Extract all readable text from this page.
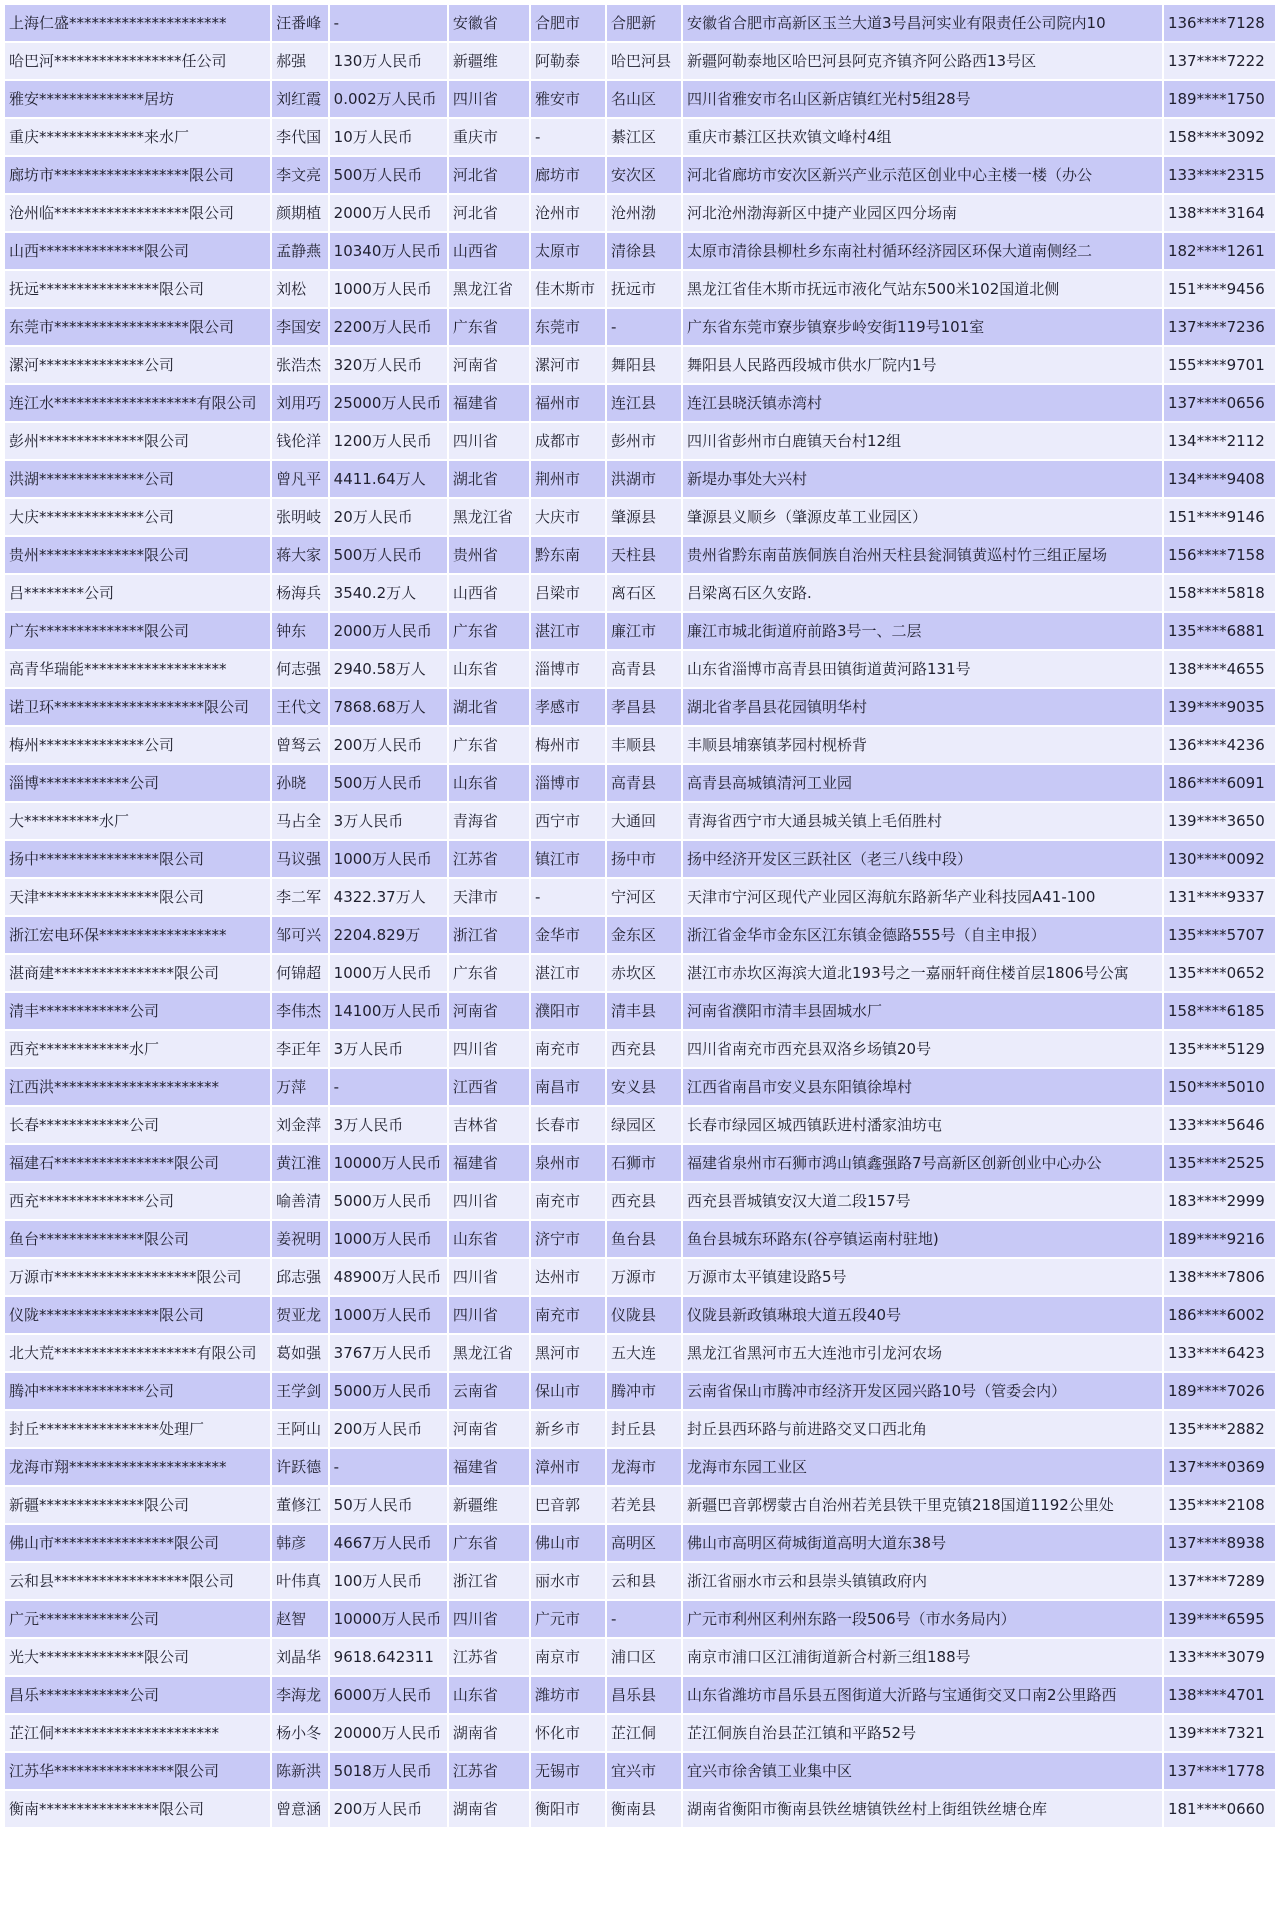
上海仁盛*********************	汪番峰	-	安徽省	合肥市	合肥新	安徽省合肥市高新区玉兰大道3号昌河实业有限责任公司院内10	136****7128
哈巴河*****************任公司	郝强	130万人民币	新疆维	阿勒泰	哈巴河县	新疆阿勒泰地区哈巴河县阿克齐镇齐阿公路西13号区	137****7222
雅安**************居坊	刘红霞	0.002万人民币	四川省	雅安市	名山区	四川省雅安市名山区新店镇红光村5组28号	189****1750
重庆**************来水厂	李代国	10万人民币	重庆市	-	綦江区	重庆市綦江区扶欢镇文峰村4组	158****3092
廊坊市******************限公司	李文亮	500万人民币	河北省	廊坊市	安次区	河北省廊坊市安次区新兴产业示范区创业中心主楼一楼（办公	133****2315
沧州临******************限公司	颜期植	2000万人民币	河北省	沧州市	沧州渤	河北沧州渤海新区中捷产业园区四分场南	138****3164
山西**************限公司	孟静燕	10340万人民币	山西省	太原市	清徐县	太原市清徐县柳杜乡东南社村循环经济园区环保大道南侧经二	182****1261
抚远****************限公司	刘松	1000万人民币	黑龙江省	佳木斯市	抚远市	黑龙江省佳木斯市抚远市液化气站东500米102国道北侧	151****9456
东莞市******************限公司	李国安	2200万人民币	广东省	东莞市	-	广东省东莞市寮步镇寮步岭安街119号101室	137****7236
漯河**************公司	张浩杰	320万人民币	河南省	漯河市	舞阳县	舞阳县人民路西段城市供水厂院内1号	155****9701
连江水*******************有限公司	刘用巧	25000万人民币	福建省	福州市	连江县	连江县晓沃镇赤湾村	137****0656
彭州**************限公司	钱伦洋	1200万人民币	四川省	成都市	彭州市	四川省彭州市白鹿镇天台村12组	134****2112
洪湖**************公司	曾凡平	4411.64万人	湖北省	荆州市	洪湖市	新堤办事处大兴村	134****9408
大庆**************公司	张明岐	20万人民币	黑龙江省	大庆市	肇源县	肇源县义顺乡（肇源皮革工业园区）	151****9146
贵州**************限公司	蒋大家	500万人民币	贵州省	黔东南	天柱县	贵州省黔东南苗族侗族自治州天柱县瓮洞镇黄巡村竹三组正屋场	156****7158
吕********公司	杨海兵	3540.2万人	山西省	吕梁市	离石区	吕梁离石区久安路.	158****5818
广东**************限公司	钟东	2000万人民币	广东省	湛江市	廉江市	廉江市城北街道府前路3号一、二层	135****6881
高青华瑞能*******************	何志强	2940.58万人	山东省	淄博市	高青县	山东省淄博市高青县田镇街道黄河路131号	138****4655
诺卫环********************限公司	王代文	7868.68万人	湖北省	孝感市	孝昌县	湖北省孝昌县花园镇明华村	139****9035
梅州**************公司	曾驽云	200万人民币	广东省	梅州市	丰顺县	丰顺县埔寨镇茅园村枧桥背	136****4236
淄博************公司	孙晓	500万人民币	山东省	淄博市	高青县	高青县高城镇清河工业园	186****6091
大**********水厂	马占全	3万人民币	青海省	西宁市	大通回	青海省西宁市大通县城关镇上毛佰胜村	139****3650
扬中****************限公司	马议强	1000万人民币	江苏省	镇江市	扬中市	扬中经济开发区三跃社区（老三八线中段）	130****0092
天津****************限公司	李二军	4322.37万人	天津市	-	宁河区	天津市宁河区现代产业园区海航东路新华产业科技园A41-100	131****9337
浙江宏电环保*****************	邹可兴	2204.829万	浙江省	金华市	金东区	浙江省金华市金东区江东镇金德路555号（自主申报）	135****5707
湛商建****************限公司	何锦超	1000万人民币	广东省	湛江市	赤坎区	湛江市赤坎区海滨大道北193号之一嘉丽轩商住楼首层1806号公寓	135****0652
清丰************公司	李伟杰	14100万人民币	河南省	濮阳市	清丰县	河南省濮阳市清丰县固城水厂	158****6185
西充************水厂	李正年	3万人民币	四川省	南充市	西充县	四川省南充市西充县双洛乡场镇20号	135****5129
江西洪**********************	万萍	-	江西省	南昌市	安义县	江西省南昌市安义县东阳镇徐埠村	150****5010
长春************公司	刘金萍	3万人民币	吉林省	长春市	绿园区	长春市绿园区城西镇跃进村潘家油坊屯	133****5646
福建石****************限公司	黄江淮	10000万人民币	福建省	泉州市	石狮市	福建省泉州市石狮市鸿山镇鑫强路7号高新区创新创业中心办公	135****2525
西充**************公司	喻善清	5000万人民币	四川省	南充市	西充县	西充县晋城镇安汉大道二段157号	183****2999
鱼台**************限公司	姜祝明	1000万人民币	山东省	济宁市	鱼台县	鱼台县城东环路东(谷亭镇运南村驻地)	189****9216
万源市*******************限公司	邱志强	48900万人民币	四川省	达州市	万源市	万源市太平镇建设路5号	138****7806
仪陇****************限公司	贺亚龙	1000万人民币	四川省	南充市	仪陇县	仪陇县新政镇琳琅大道五段40号	186****6002
北大荒*******************有限公司	葛如强	3767万人民币	黑龙江省	黑河市	五大连	黑龙江省黑河市五大连池市引龙河农场	133****6423
腾冲**************公司	王学剑	5000万人民币	云南省	保山市	腾冲市	云南省保山市腾冲市经济开发区园兴路10号（管委会内）	189****7026
封丘****************处理厂	王阿山	200万人民币	河南省	新乡市	封丘县	封丘县西环路与前进路交叉口西北角	135****2882
龙海市翔*********************	许跃德	-	福建省	漳州市	龙海市	龙海市东园工业区	137****0369
新疆**************限公司	董修江	50万人民币	新疆维	巴音郭	若羌县	新疆巴音郭楞蒙古自治州若羌县铁干里克镇218国道1192公里处	135****2108
佛山市****************限公司	韩彦	4667万人民币	广东省	佛山市	高明区	佛山市高明区荷城街道高明大道东38号	137****8938
云和县******************限公司	叶伟真	100万人民币	浙江省	丽水市	云和县	浙江省丽水市云和县崇头镇镇政府内	137****7289
广元************公司	赵智	10000万人民币	四川省	广元市	-	广元市利州区利州东路一段506号（市水务局内）	139****6595
光大**************限公司	刘晶华	9618.642311	江苏省	南京市	浦口区	南京市浦口区江浦街道新合村新三组188号	133****3079
昌乐************公司	李海龙	6000万人民币	山东省	潍坊市	昌乐县	山东省潍坊市昌乐县五图街道大沂路与宝通街交叉口南2公里路西	138****4701
芷江侗**********************	杨小冬	20000万人民币	湖南省	怀化市	芷江侗	芷江侗族自治县芷江镇和平路52号	139****7321
江苏华****************限公司	陈新洪	5018万人民币	江苏省	无锡市	宜兴市	宜兴市徐舍镇工业集中区	137****1778
衡南****************限公司	曾意涵	200万人民币	湖南省	衡阳市	衡南县	湖南省衡阳市衡南县铁丝塘镇铁丝村上街组铁丝塘仓库	181****0660
